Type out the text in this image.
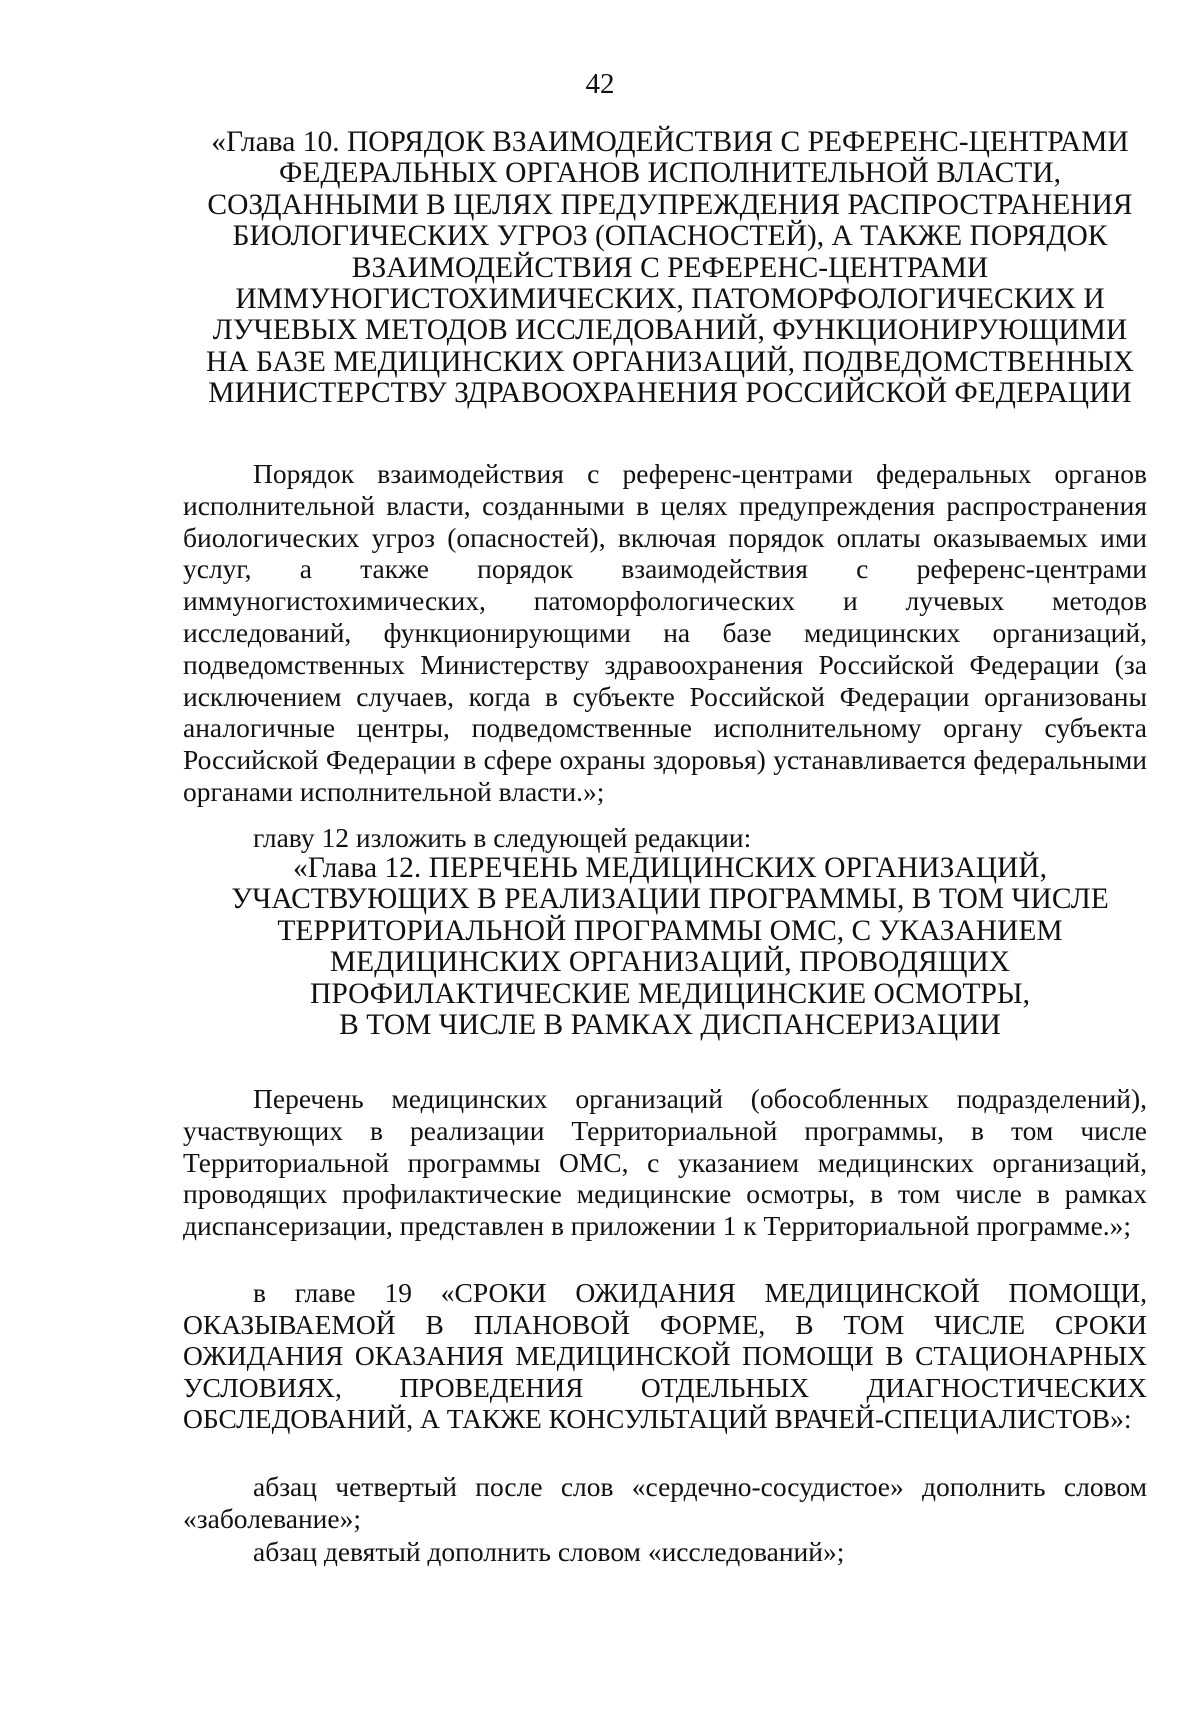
42
«Глава 10. ПОРЯДОК ВЗАИМОДЕЙСТВИЯ С РЕФЕРЕНС-ЦЕНТРАМИ
ФЕДЕРАЛЬНЫХ ОРГАНОВ ИСПОЛНИТЕЛЬНОЙ ВЛАСТИ,
СОЗДАННЫМИ В ЦЕЛЯХ ПРЕДУПРЕЖДЕНИЯ РАСПРОСТРАНЕНИЯ
БИОЛОГИЧЕСКИХ УГРОЗ (ОПАСНОСТЕЙ), А ТАКЖЕ ПОРЯДОК
ВЗАИМОДЕЙСТВИЯ С РЕФЕРЕНС-ЦЕНТРАМИ
ИММУНОГИСТОХИМИЧЕСКИХ, ПАТОМОРФОЛОГИЧЕСКИХ И
ЛУЧЕВЫХ МЕТОДОВ ИССЛЕДОВАНИЙ, ФУНКЦИОНИРУЮЩИМИ
НА БАЗЕ МЕДИЦИНСКИХ ОРГАНИЗАЦИЙ, ПОДВЕДОМСТВЕННЫХ
МИНИСТЕРСТВУ ЗДРАВООХРАНЕНИЯ РОССИЙСКОЙ ФЕДЕРАЦИИ

Порядок взаимодействия с референс-центрами федеральных органов исполнительной власти, созданными в целях предупреждения распространения биологических угроз (опасностей), включая порядок оплаты оказываемых ими услуг, а также порядок взаимодействия с референс-центрами иммуногистохимических, патоморфологических и лучевых методов исследований, функционирующими на базе медицинских организаций, подведомственных Министерству здравоохранения Российской Федерации (за исключением случаев, когда в субъекте Российской Федерации организованы аналогичные центры, подведомственные исполнительному органу субъекта Российской Федерации в сфере охраны здоровья) устанавливается федеральными органами исполнительной власти.»;

главу 12 изложить в следующей редакции:

«Глава 12. ПЕРЕЧЕНЬ МЕДИЦИНСКИХ ОРГАНИЗАЦИЙ,
УЧАСТВУЮЩИХ В РЕАЛИЗАЦИИ ПРОГРАММЫ, В ТОМ ЧИСЛЕ
ТЕРРИТОРИАЛЬНОЙ ПРОГРАММЫ ОМС, С УКАЗАНИЕМ
МЕДИЦИНСКИХ ОРГАНИЗАЦИЙ, ПРОВОДЯЩИХ
ПРОФИЛАКТИЧЕСКИЕ МЕДИЦИНСКИЕ ОСМОТРЫ,
В ТОМ ЧИСЛЕ В РАМКАХ ДИСПАНСЕРИЗАЦИИ

Перечень медицинских организаций (обособленных подразделений), участвующих в реализации Территориальной программы, в том числе Территориальной программы ОМС, с указанием медицинских организаций, проводящих профилактические медицинские осмотры, в том числе в рамках диспансеризации, представлен в приложении 1 к Территориальной программе.»;

в главе 19 «СРОКИ ОЖИДАНИЯ МЕДИЦИНСКОЙ ПОМОЩИ, ОКАЗЫВАЕМОЙ В ПЛАНОВОЙ ФОРМЕ, В ТОМ ЧИСЛЕ СРОКИ ОЖИДАНИЯ ОКАЗАНИЯ МЕДИЦИНСКОЙ ПОМОЩИ В СТАЦИОНАРНЫХ УСЛОВИЯХ, ПРОВЕДЕНИЯ ОТДЕЛЬНЫХ ДИАГНОСТИЧЕСКИХ ОБСЛЕДОВАНИЙ, А ТАКЖЕ КОНСУЛЬТАЦИЙ ВРАЧЕЙ-СПЕЦИАЛИСТОВ»:

абзац четвертый после слов «сердечно-сосудистое» дополнить словом «заболевание»;

абзац девятый дополнить словом «исследований»;
